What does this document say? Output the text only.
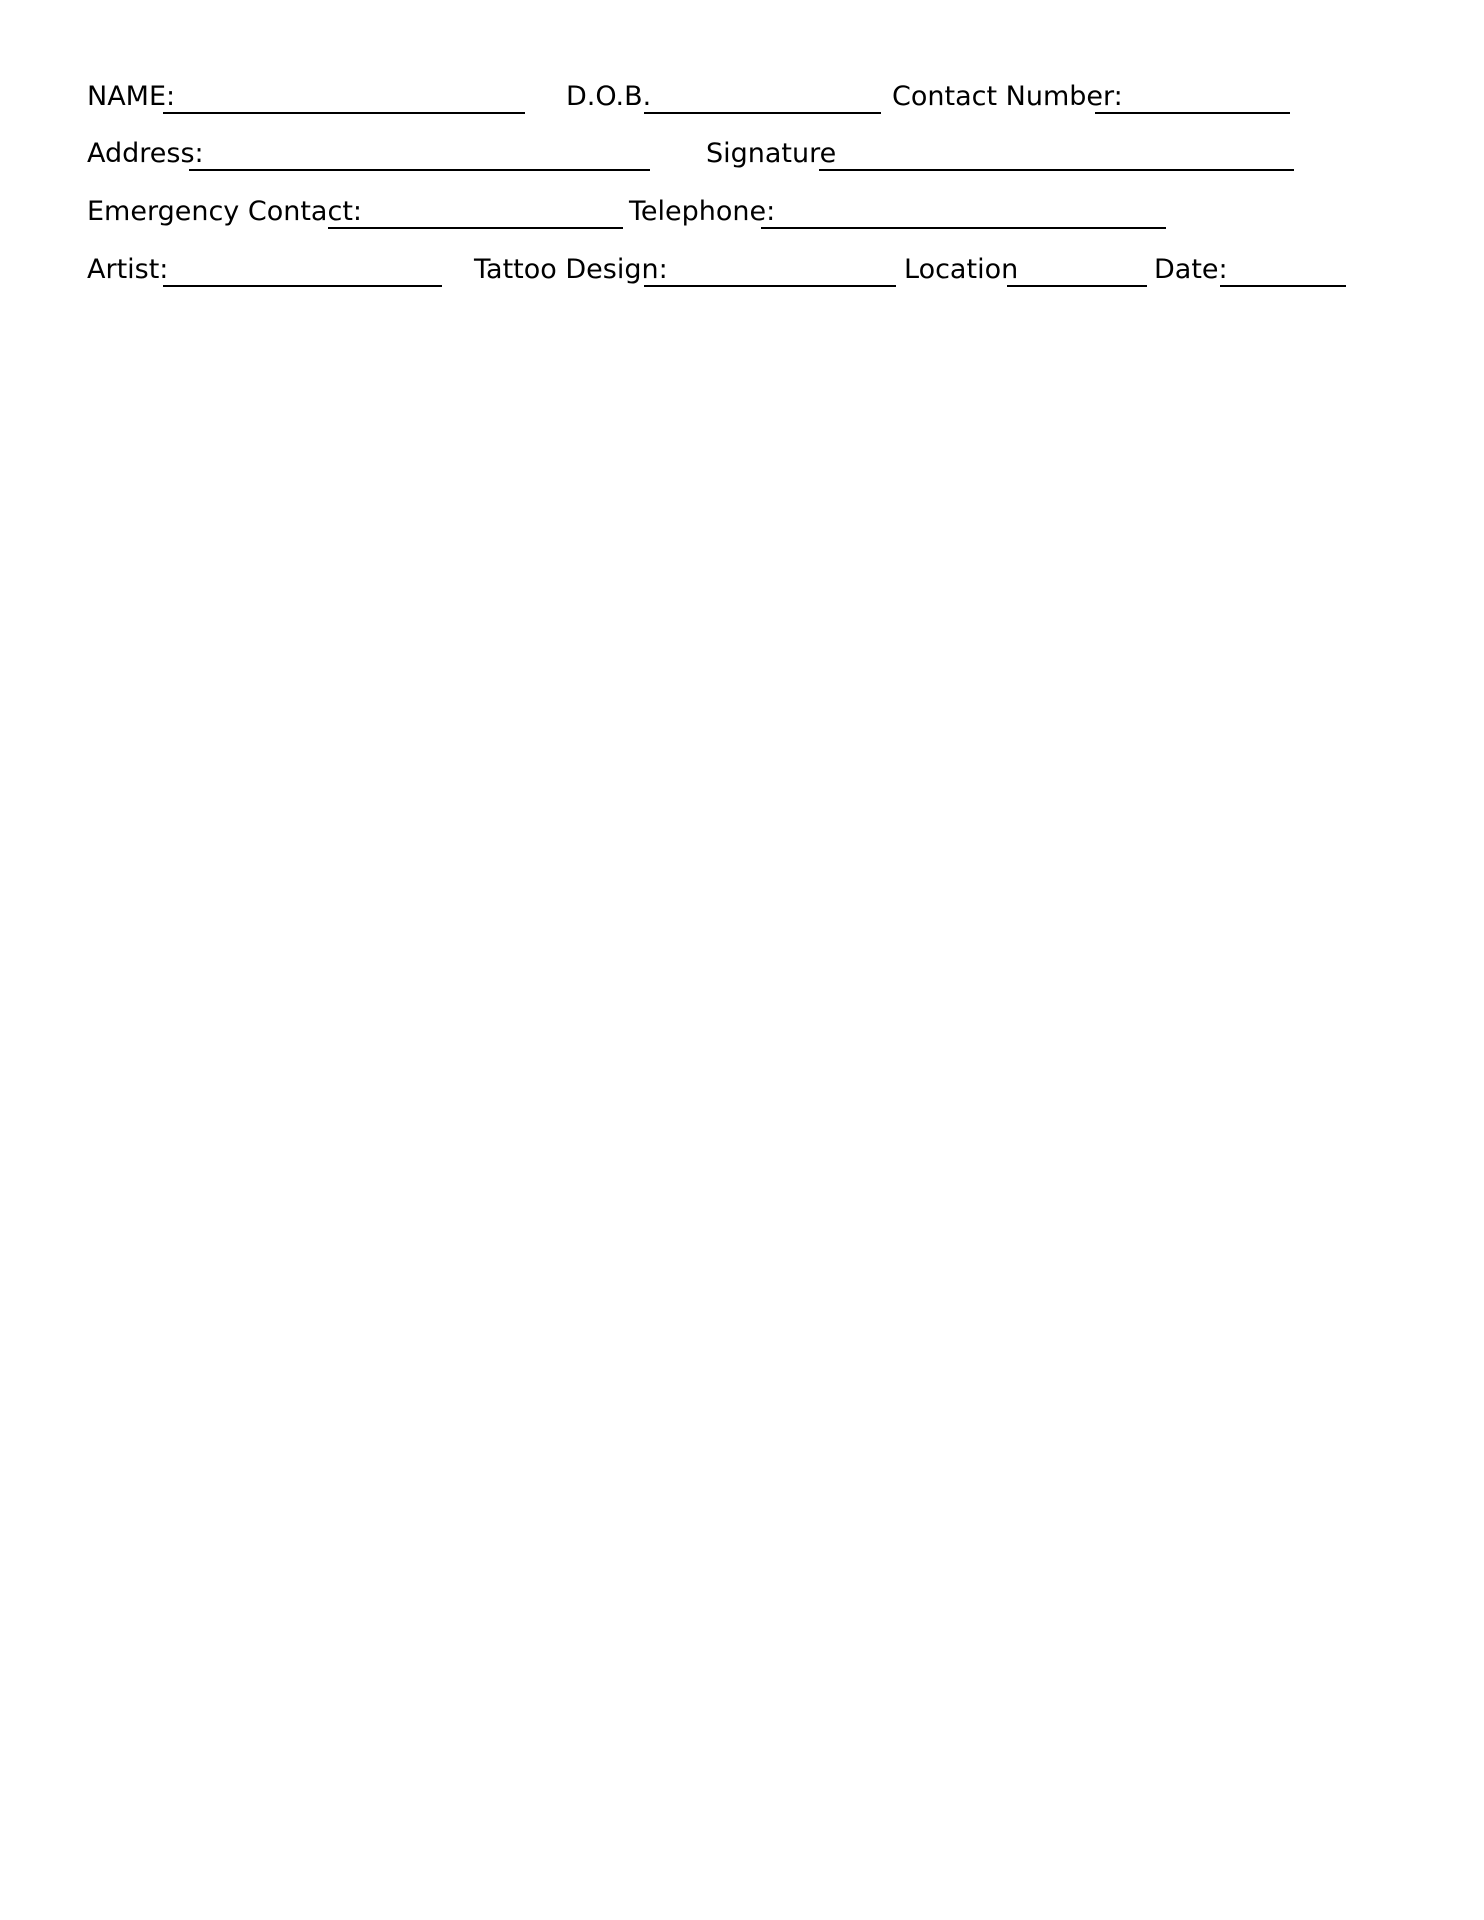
NAME:	D.O.B.	Contact Number:
Address:	Signature
Emergency Contact:	Telephone:
Artist:	Tattoo Design:	Location	Date:
